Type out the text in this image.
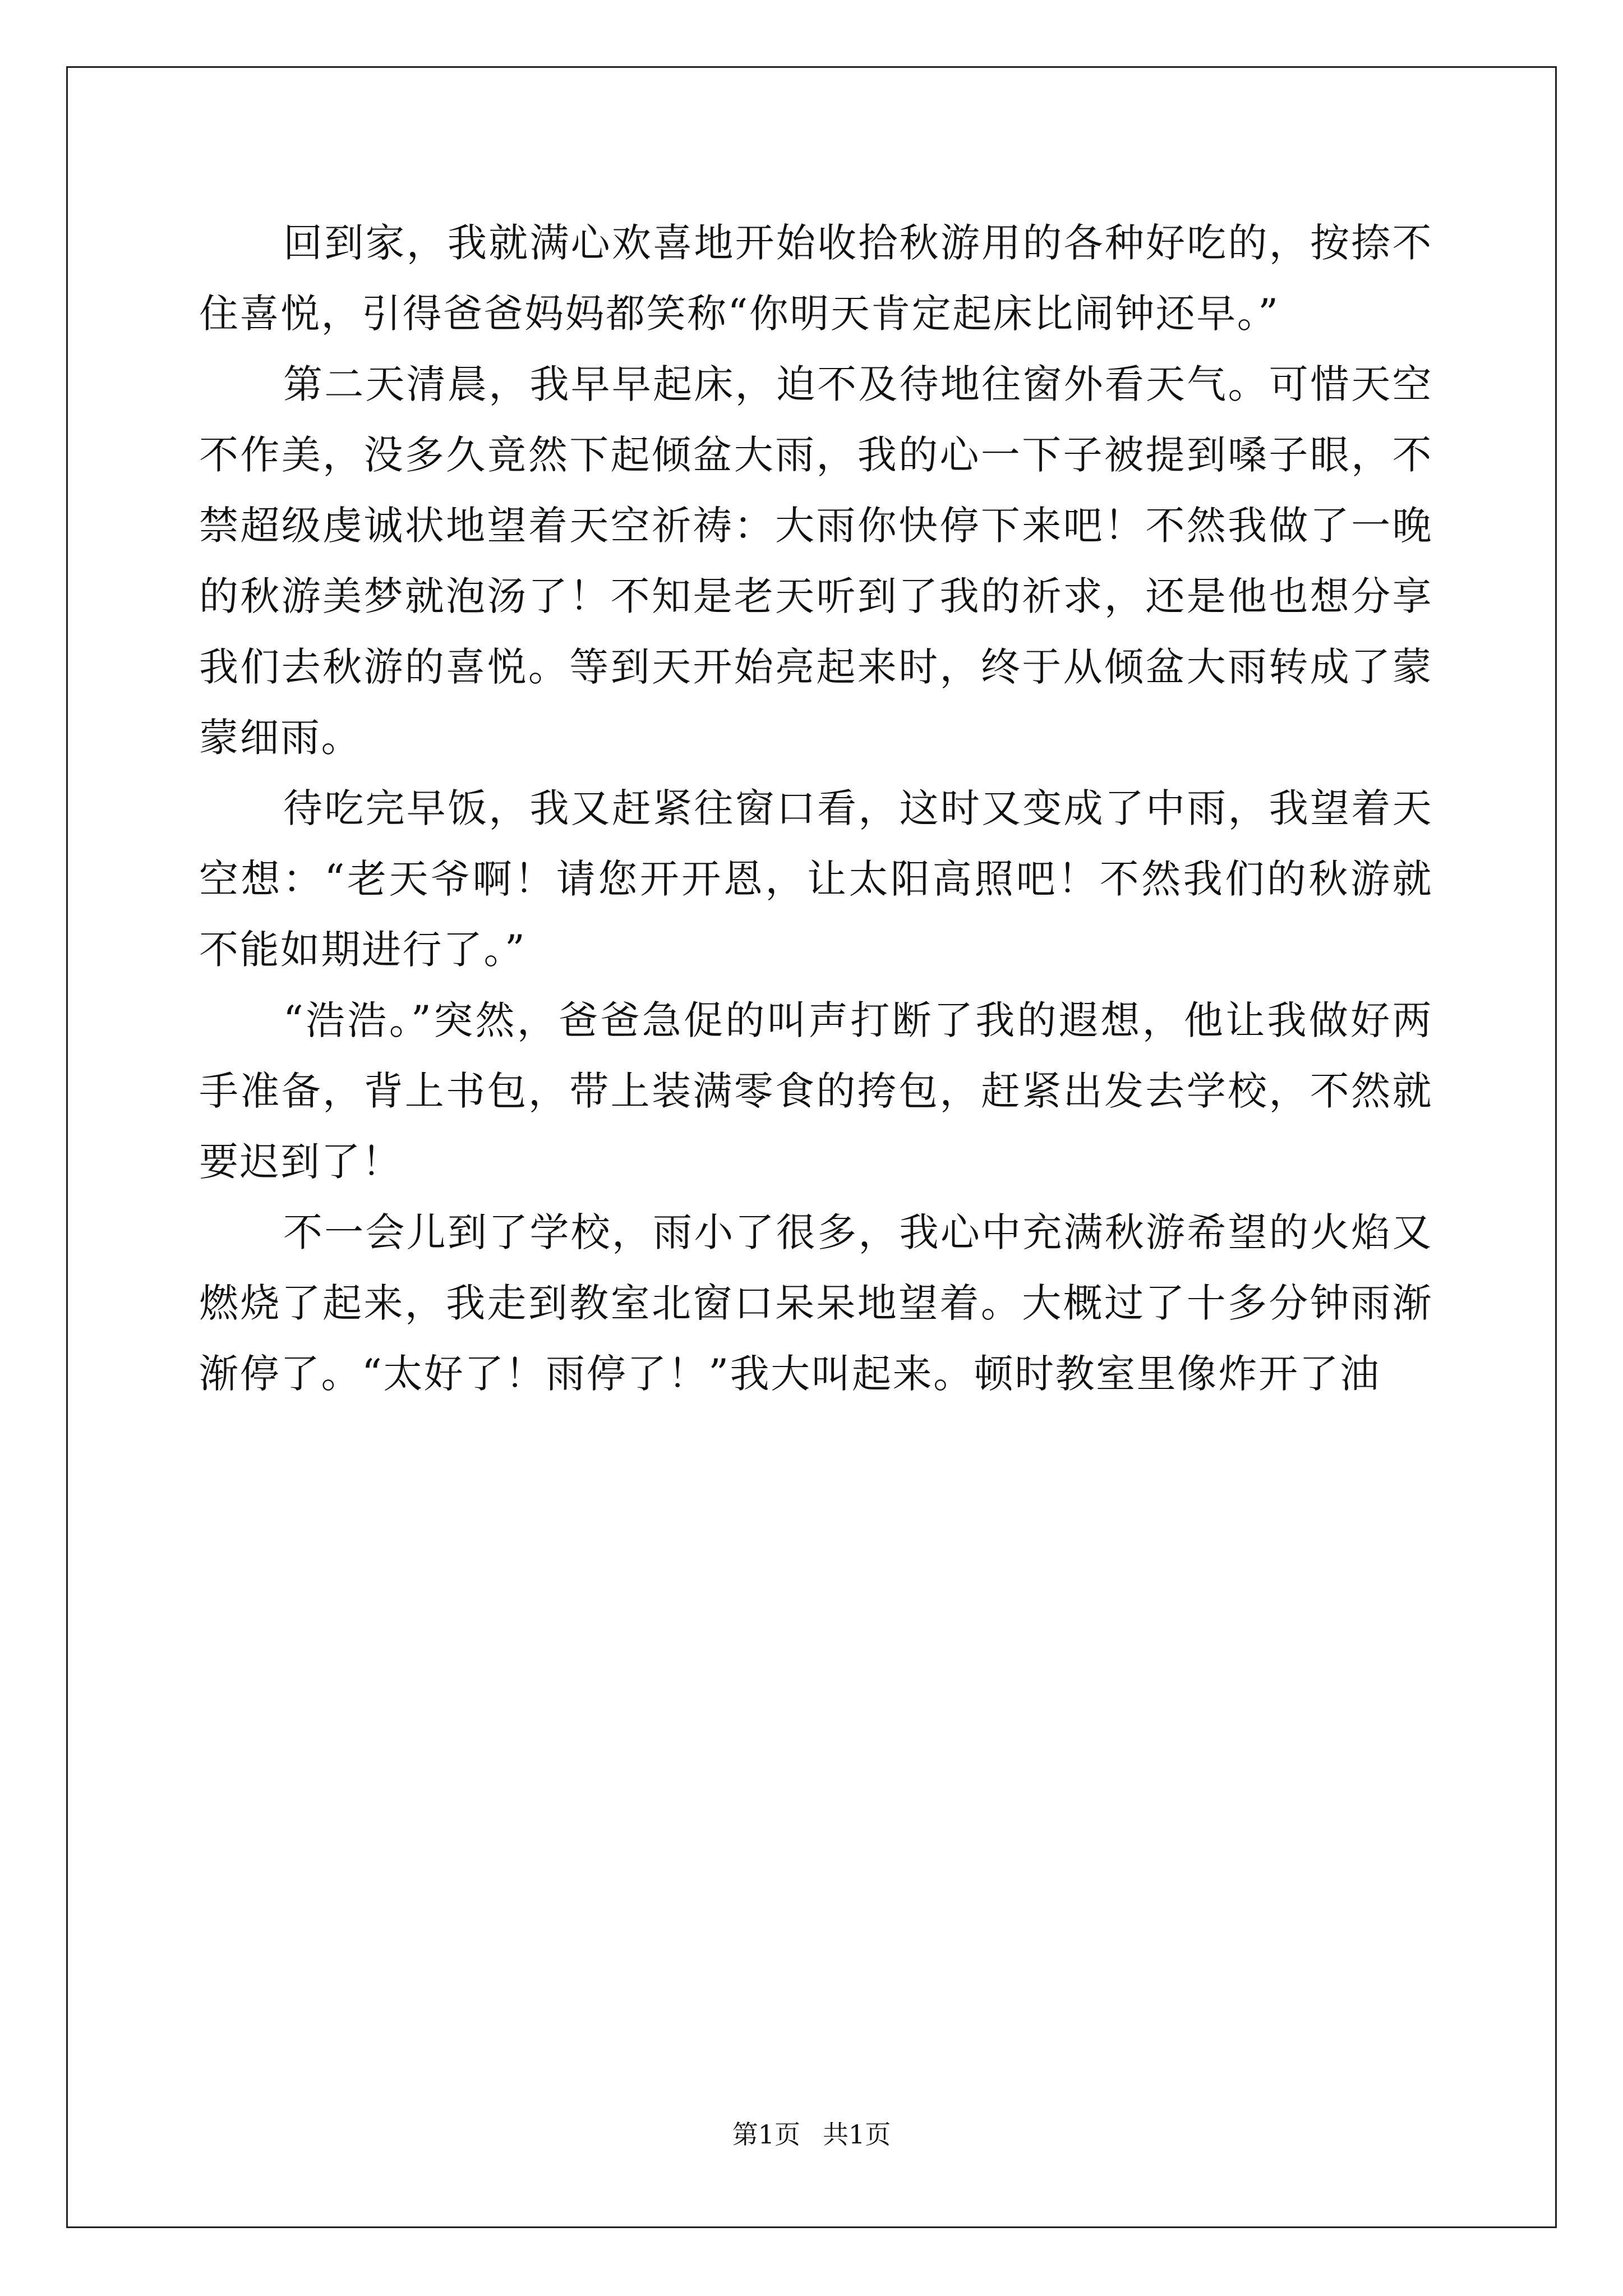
回到家，我就满心欢喜地开始收拾秋游用的各种好吃的，按捺不住喜悦，引得爸爸妈妈都笑称“你明天肯定起床比闹钟还早。”

第二天清晨，我早早起床，迫不及待地往窗外看天气。可惜天空不作美，没多久竟然下起倾盆大雨，我的心一下子被提到嗓子眼，不禁超级虔诚状地望着天空祈祷：大雨你快停下来吧！不然我做了一晚的秋游美梦就泡汤了！不知是老天听到了我的祈求，还是他也想分享我们去秋游的喜悦。等到天开始亮起来时，终于从倾盆大雨转成了蒙蒙细雨。

待吃完早饭，我又赶紧往窗口看，这时又变成了中雨，我望着天空想：“老天爷啊！请您开开恩，让太阳高照吧！不然我们的秋游就不能如期进行了。”

“浩浩。”突然，爸爸急促的叫声打断了我的遐想，他让我做好两手准备，背上书包，带上装满零食的挎包，赶紧出发去学校，不然就要迟到了！

不一会儿到了学校，雨小了很多，我心中充满秋游希望的火焰又燃烧了起来，我走到教室北窗口呆呆地望着。大概过了十多分钟雨渐渐停了。“太好了！雨停了！”我大叫起来。顿时教室里像炸开了油

第1页 共1页
